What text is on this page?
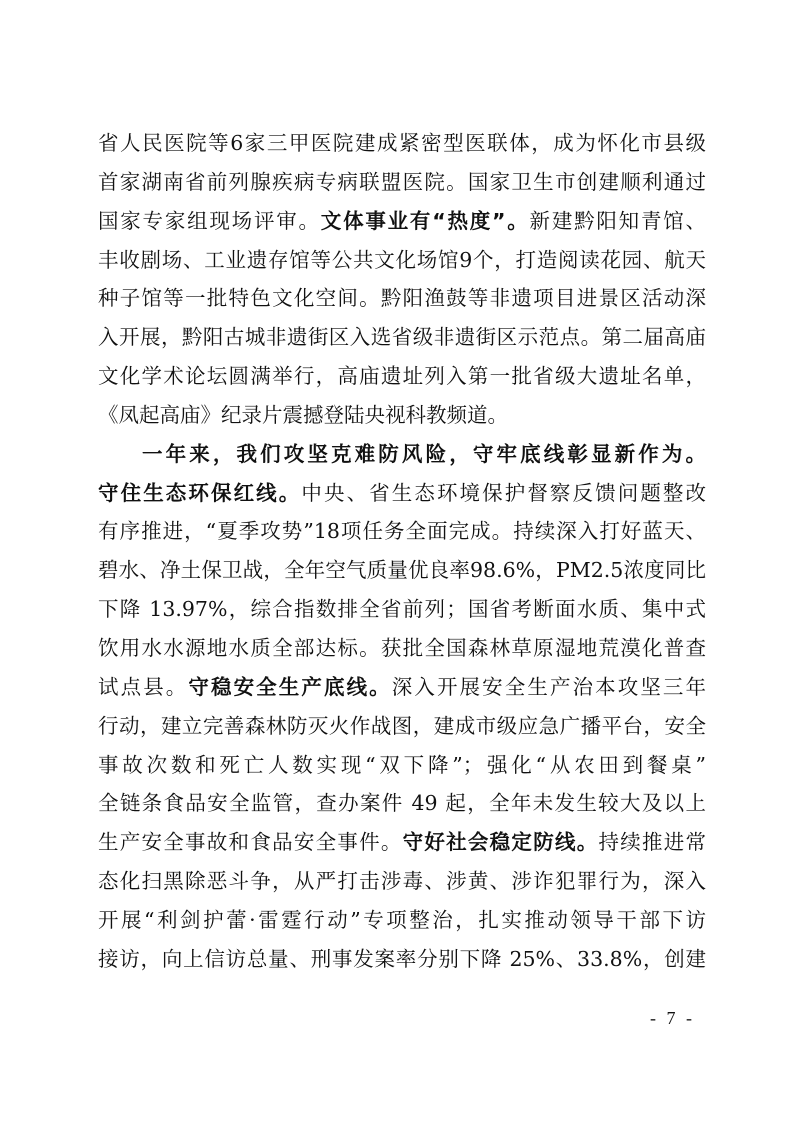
省人民医院等6家三甲医院建成紧密型医联体，成为怀化市县级
首家湖南省前列腺疾病专病联盟医院。国家卫生市创建顺利通过
国家专家组现场评审。文体事业有“热度”。新建黔阳知青馆、
丰收剧场、工业遗存馆等公共文化场馆9个，打造阅读花园、航天
种子馆等一批特色文化空间。黔阳渔鼓等非遗项目进景区活动深
入开展，黔阳古城非遗街区入选省级非遗街区示范点。第二届高庙
文化学术论坛圆满举行，高庙遗址列入第一批省级大遗址名单，
《凤起高庙》纪录片震撼登陆央视科教频道。
一年来，我们攻坚克难防风险，守牢底线彰显新作为。
守住生态环保红线。中央、省生态环境保护督察反馈问题整改
有序推进，“夏季攻势”18项任务全面完成。持续深入打好蓝天、
碧水、净土保卫战，全年空气质量优良率98.6%，PM2.5浓度同比
下降 13.97%，综合指数排全省前列；国省考断面水质、集中式
饮用水水源地水质全部达标。获批全国森林草原湿地荒漠化普查
试点县。守稳安全生产底线。深入开展安全生产治本攻坚三年
行动，建立完善森林防灭火作战图，建成市级应急广播平台，安全
事故次数和死亡人数实现“双下降”；强化“从农田到餐桌”
全链条食品安全监管，查办案件 49 起，全年未发生较大及以上
生产安全事故和食品安全事件。守好社会稳定防线。持续推进常
态化扫黑除恶斗争，从严打击涉毒、涉黄、涉诈犯罪行为，深入
开展“利剑护蕾·雷霆行动”专项整治，扎实推动领导干部下访
接访，向上信访总量、刑事发案率分别下降 25%、33.8%，创建
- 7 -
